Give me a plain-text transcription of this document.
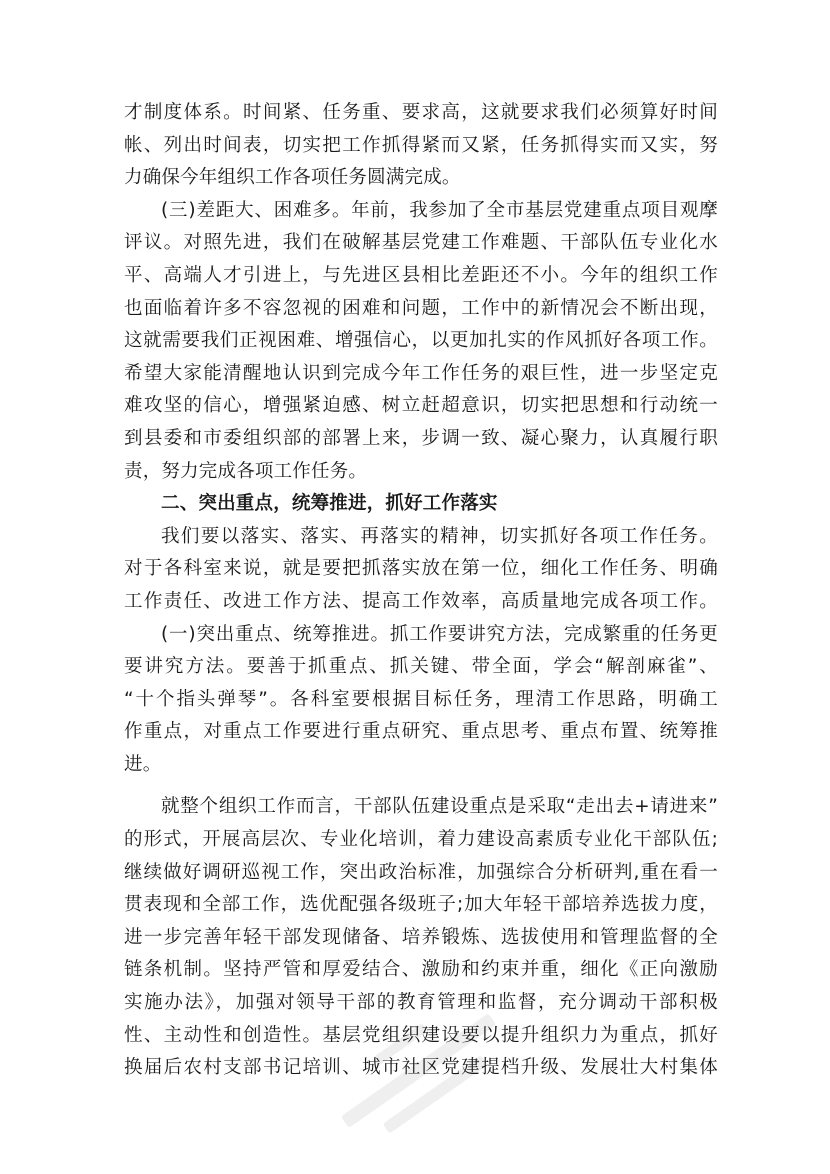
才制度体系。时间紧、任务重、要求高，这就要求我们必须算好时间
帐、列出时间表，切实把工作抓得紧而又紧，任务抓得实而又实，努
力确保今年组织工作各项任务圆满完成。
(三)差距大、困难多。年前，我参加了全市基层党建重点项目观摩
评议。对照先进，我们在破解基层党建工作难题、干部队伍专业化水
平、高端人才引进上，与先进区县相比差距还不小。今年的组织工作
也面临着许多不容忽视的困难和问题，工作中的新情况会不断出现，
这就需要我们正视困难、增强信心，以更加扎实的作风抓好各项工作。
希望大家能清醒地认识到完成今年工作任务的艰巨性，进一步坚定克
难攻坚的信心，增强紧迫感、树立赶超意识，切实把思想和行动统一
到县委和市委组织部的部署上来，步调一致、凝心聚力，认真履行职
责，努力完成各项工作任务。
二、突出重点，统筹推进，抓好工作落实
我们要以落实、落实、再落实的精神，切实抓好各项工作任务。
对于各科室来说，就是要把抓落实放在第一位，细化工作任务、明确
工作责任、改进工作方法、提高工作效率，高质量地完成各项工作。
(一)突出重点、统筹推进。抓工作要讲究方法，完成繁重的任务更
要讲究方法。要善于抓重点、抓关键、带全面，学会“解剖麻雀”、
“十个指头弹琴”。各科室要根据目标任务，理清工作思路，明确工
作重点，对重点工作要进行重点研究、重点思考、重点布置、统筹推
进。
就整个组织工作而言，干部队伍建设重点是采取“走出去+请进来”
的形式，开展高层次、专业化培训，着力建设高素质专业化干部队伍;
继续做好调研巡视工作，突出政治标准，加强综合分析研判,重在看一
贯表现和全部工作，选优配强各级班子;加大年轻干部培养选拔力度，
进一步完善年轻干部发现储备、培养锻炼、选拔使用和管理监督的全
链条机制。坚持严管和厚爱结合、激励和约束并重，细化《正向激励
实施办法》，加强对领导干部的教育管理和监督，充分调动干部积极
性、主动性和创造性。基层党组织建设要以提升组织力为重点，抓好
换届后农村支部书记培训、城市社区党建提档升级、发展壮大村集体
